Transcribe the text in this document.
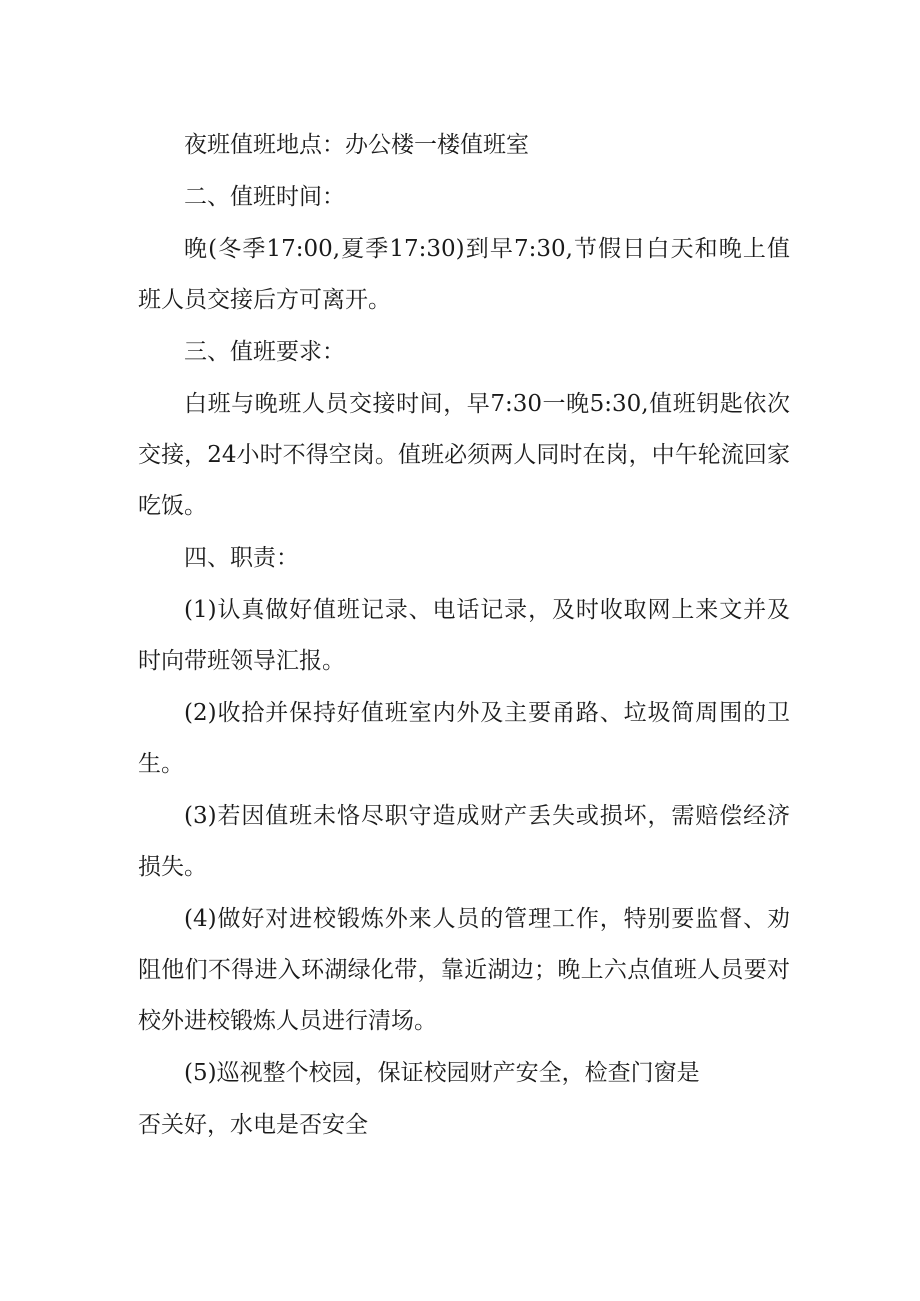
夜班值班地点：办公楼一楼值班室

二、值班时间：

晚(冬季17:00,夏季17:30)到早7:30,节假日白天和晚上值班人员交接后方可离开。

三、值班要求：

白班与晚班人员交接时间，早7:30一晚5:30,值班钥匙依次交接，24小时不得空岗。值班必须两人同时在岗，中午轮流回家吃饭。

四、职责：

(1)认真做好值班记录、电话记录，及时收取网上来文并及时向带班领导汇报。

(2)收拾并保持好值班室内外及主要甬路、垃圾简周围的卫生。

(3)若因值班未恪尽职守造成财产丢失或损坏，需赔偿经济损失。

(4)做好对进校锻炼外来人员的管理工作，特别要监督、劝阻他们不得进入环湖绿化带，靠近湖边；晚上六点值班人员要对校外进校锻炼人员进行清场。

(5)巡视整个校园，保证校园财产安全，检查门窗是

否关好，水电是否安全
